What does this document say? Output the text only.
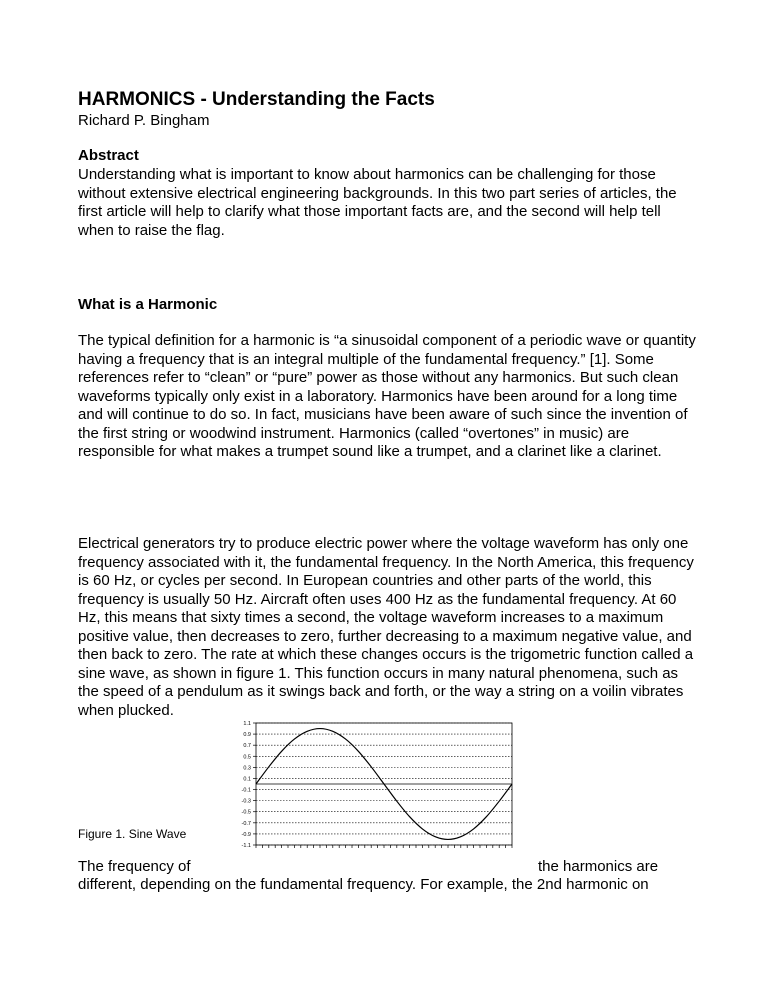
HARMONICS - Understanding the Facts
Richard P. Bingham
Abstract

Understanding what is important to know about harmonics can be challenging for those without extensive electrical engineering backgrounds. In this two part series of articles, the first article will help to clarify what those important facts are, and the second will help tell when to raise the flag.

What is a Harmonic

The typical definition for a harmonic is “a sinusoidal component of a periodic wave or quantity having a frequency that is an integral multiple of the fundamental frequency.” [1]. Some references refer to “clean” or “pure” power as those without any harmonics. But such clean waveforms typically only exist in a laboratory. Harmonics have been around for a long time and will continue to do so. In fact, musicians have been aware of such since the invention of the first string or woodwind instrument. Harmonics (called “overtones” in music) are responsible for what makes a trumpet sound like a trumpet, and a clarinet like a clarinet.

Electrical generators try to produce electric power where the voltage waveform has only one frequency associated with it, the fundamental frequency. In the North America, this frequency is 60 Hz, or cycles per second. In European countries and other parts of the world, this frequency is usually 50 Hz. Aircraft often uses 400 Hz as the fundamental frequency. At 60 Hz, this means that sixty times a second, the voltage waveform increases to a maximum positive value, then decreases to zero, further decreasing to a maximum negative value, and then back to zero. The rate at which these changes occurs is the trigometric function called a sine wave, as shown in figure 1. This function occurs in many natural phenomena, such as the speed of a pendulum as it swings back and forth, or the way a string on a voilin vibrates when plucked.

1.1
0.9
0.7
0.5
0.3
0.1
-0.1
-0.3
-0.5
-0.7
-0.9
-1.1
Figure 1. Sine Wave
The frequency of	the harmonics are
different, depending on the fundamental frequency. For example, the 2nd harmonic on
